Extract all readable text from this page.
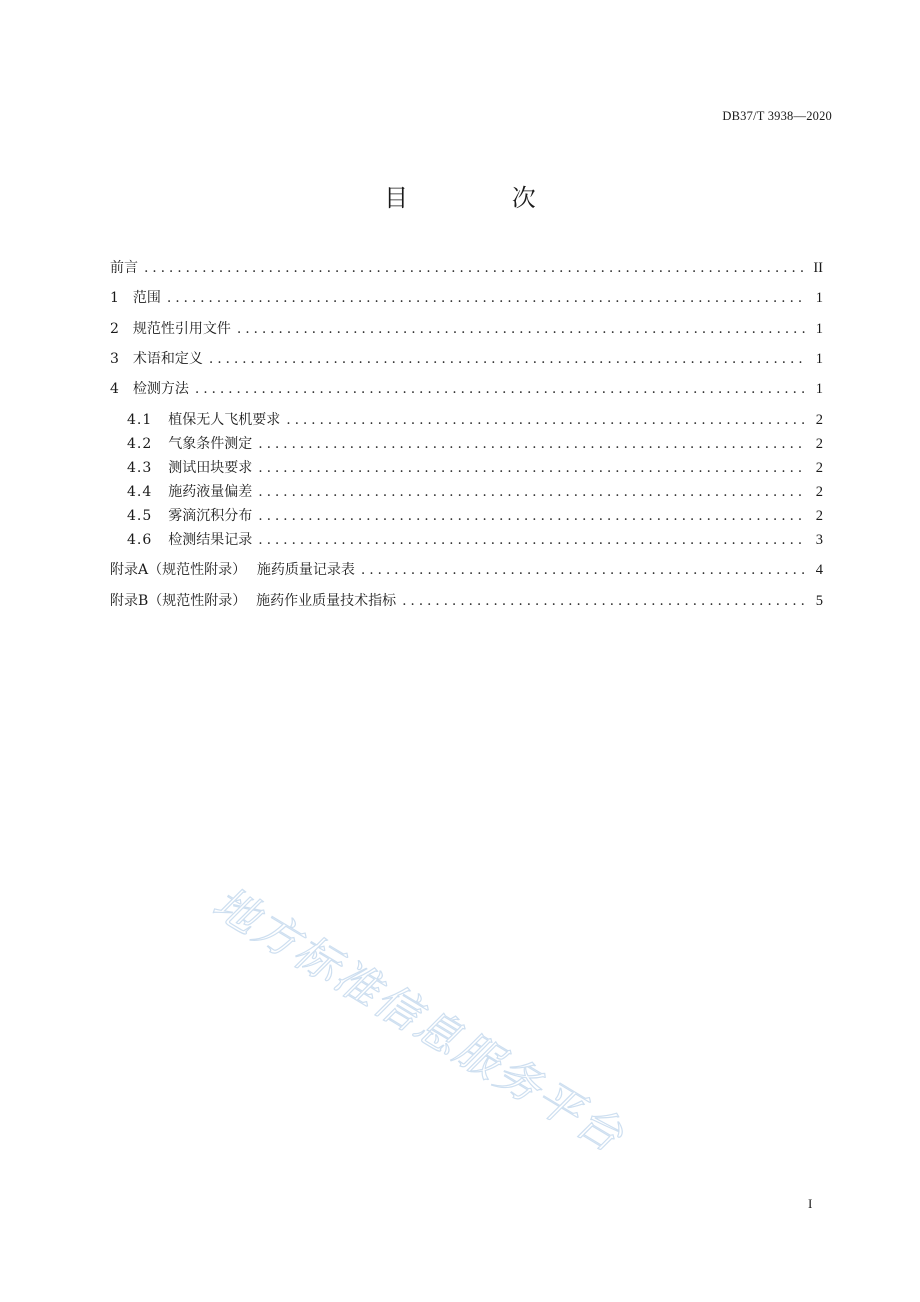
DB37/T 3938—2020
目 次
前言 . . .	II
1 范围 . . .	1
2 规范性引用文件 . . .	1
3 术语和定义 . . .	1
4 检测方法 . . .	1
4.1 植保无人飞机要求 . . .	2
4.2 气象条件测定 . . .	2
4.3 测试田块要求 . . .	2
4.4 施药液量偏差 . . .	2
4.5 雾滴沉积分布 . . .	2
4.6 检测结果记录 . . .	3
附录A（规范性附录） 施药质量记录表 . . .	4
附录B（规范性附录） 施药作业质量技术指标 . . .	5
地方标准信息服务平台
I
